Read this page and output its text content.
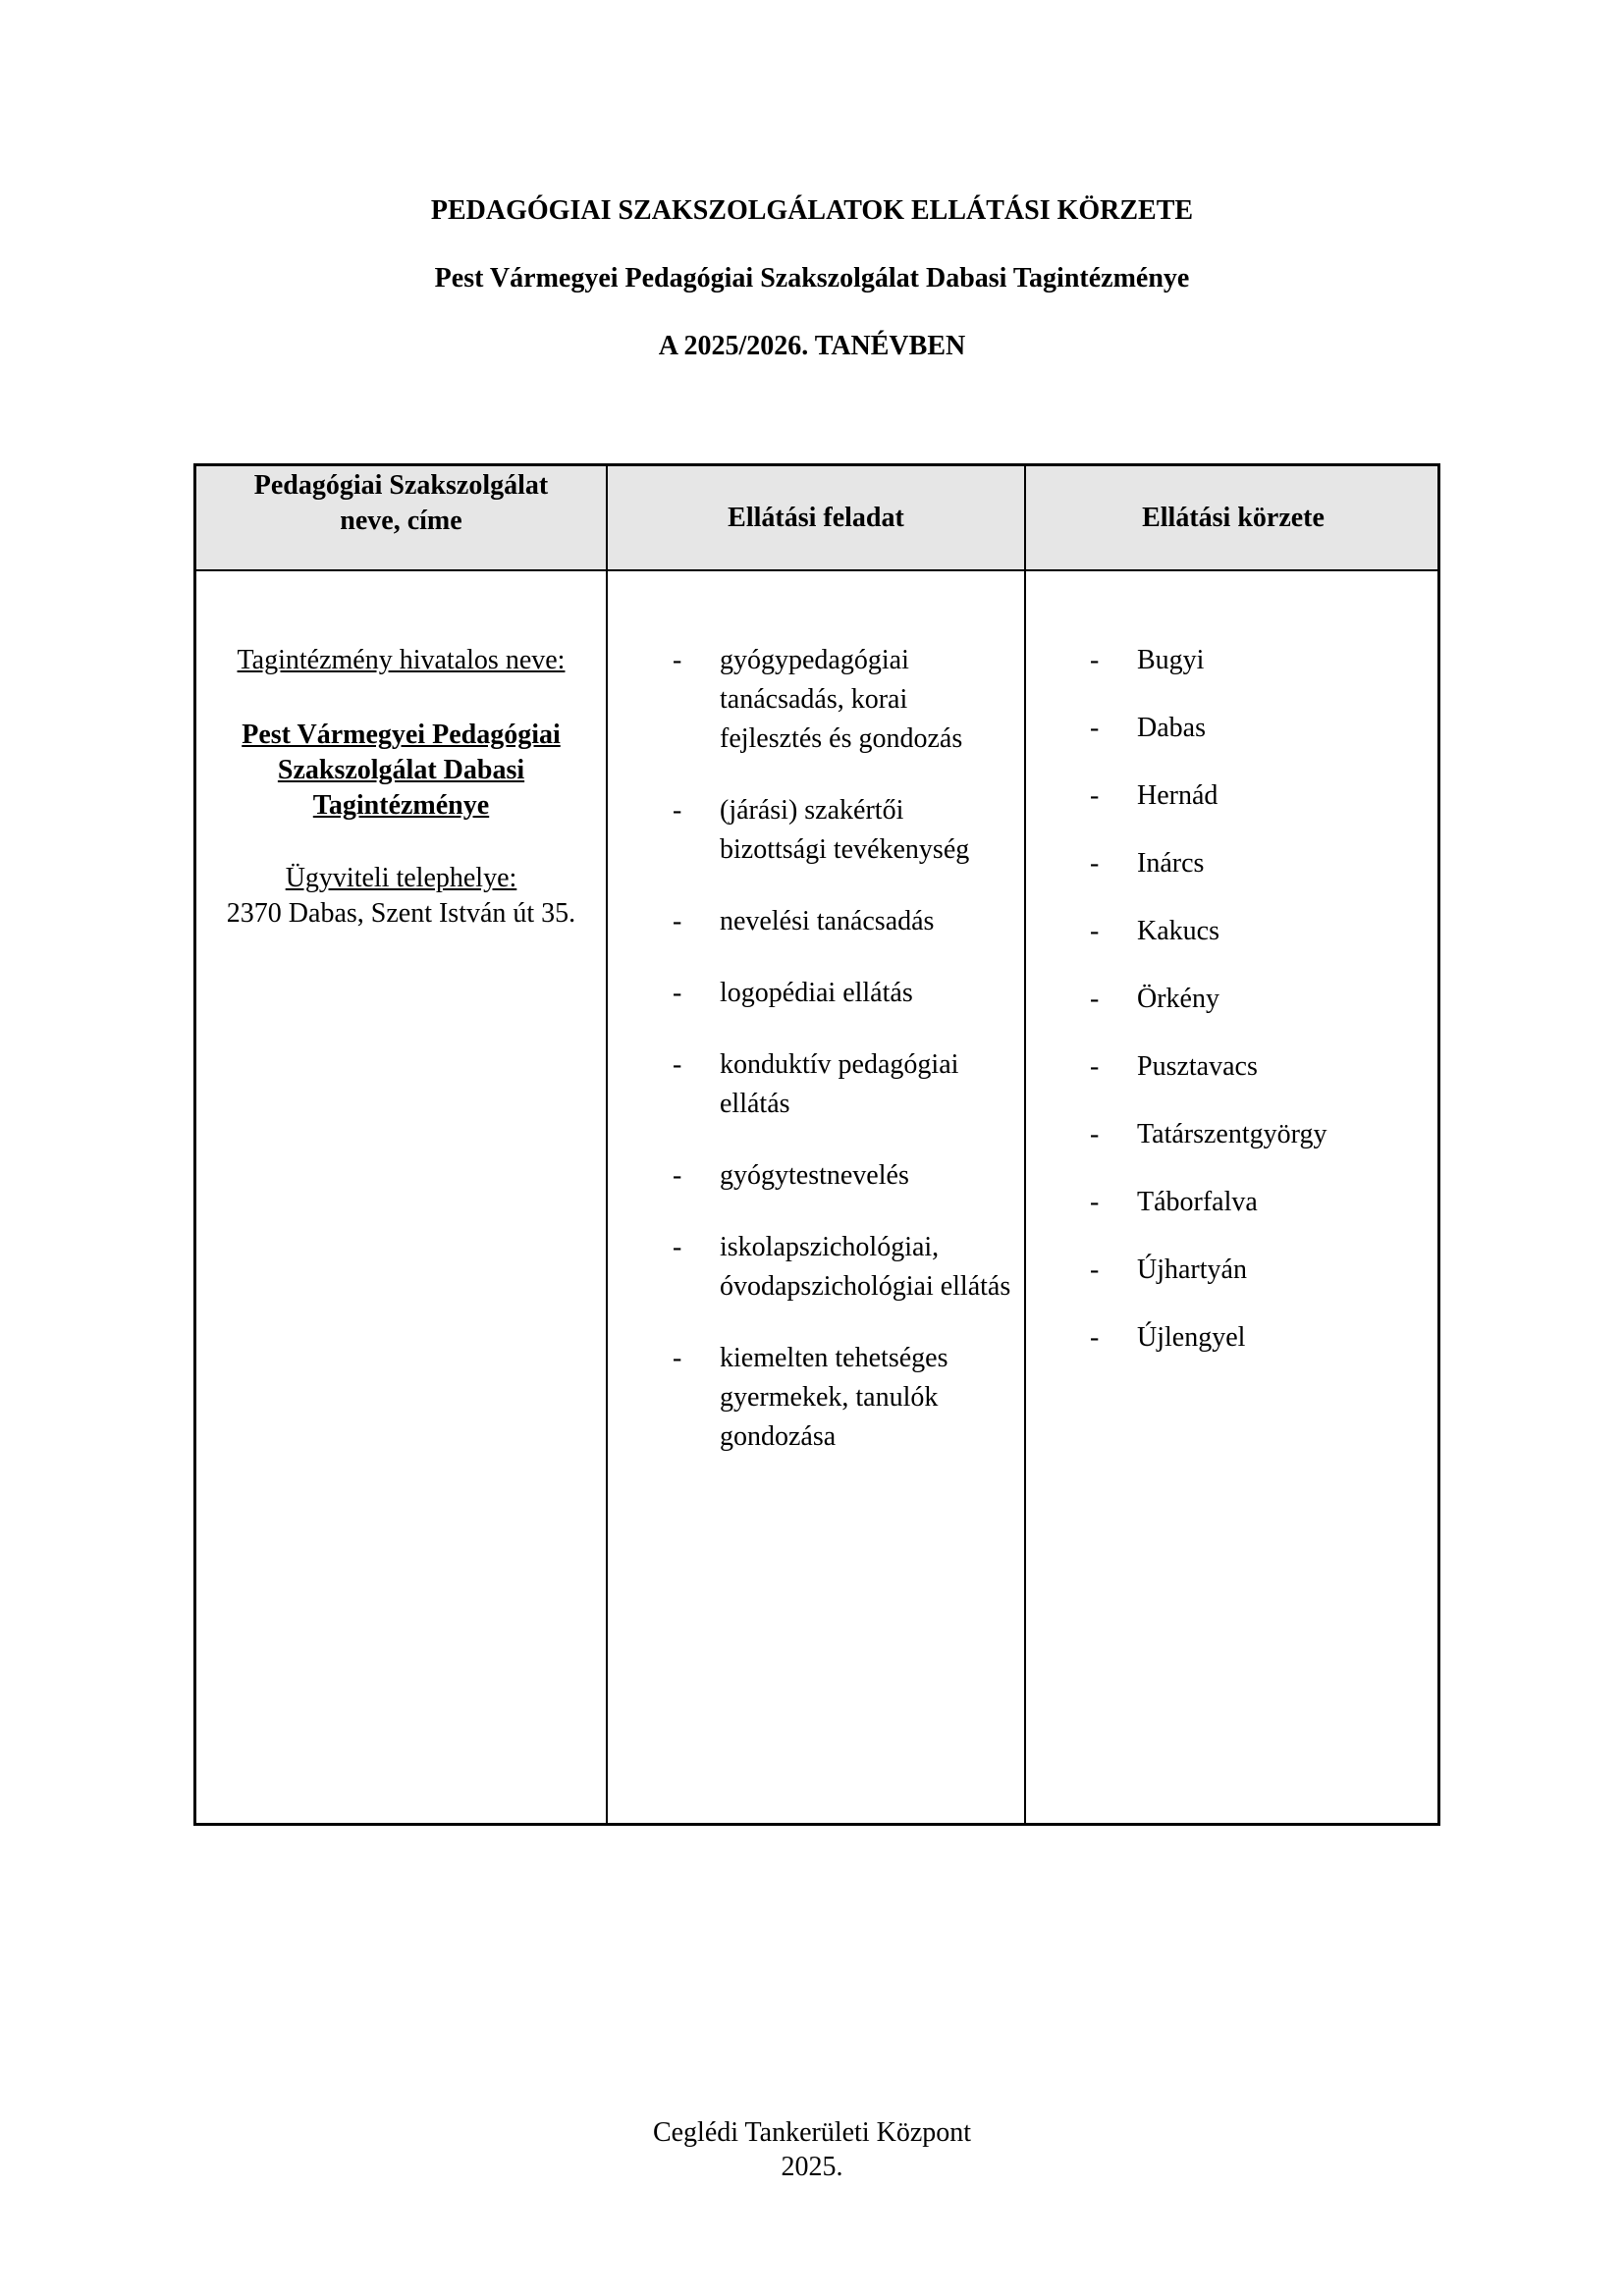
PEDAGÓGIAI SZAKSZOLGÁLATOK ELLÁTÁSI KÖRZETE
Pest Vármegyei Pedagógiai Szakszolgálat Dabasi Tagintézménye
A 2025/2026. TANÉVBEN
Pedagógiai Szakszolgálat neve, címe	Ellátási feladat	Ellátási körzete
Tagintézmény hivatalos neve:
Pest Vármegyei Pedagógiai Szakszolgálat Dabasi Tagintézménye
Ügyviteli telephelye:
2370 Dabas, Szent István út 35.
- gyógypedagógiai tanácsadás, korai fejlesztés és gondozás
- (járási) szakértői bizottsági tevékenység
- nevelési tanácsadás
- logopédiai ellátás
- konduktív pedagógiai ellátás
- gyógytestnevelés
- iskolapszichológiai, óvodapszichológiai ellátás
- kiemelten tehetséges gyermekek, tanulók gondozása
- Bugyi
- Dabas
- Hernád
- Inárcs
- Kakucs
- Örkény
- Pusztavacs
- Tatárszentgyörgy
- Táborfalva
- Újhartyán
- Újlengyel
Ceglédi Tankerületi Központ
2025.
